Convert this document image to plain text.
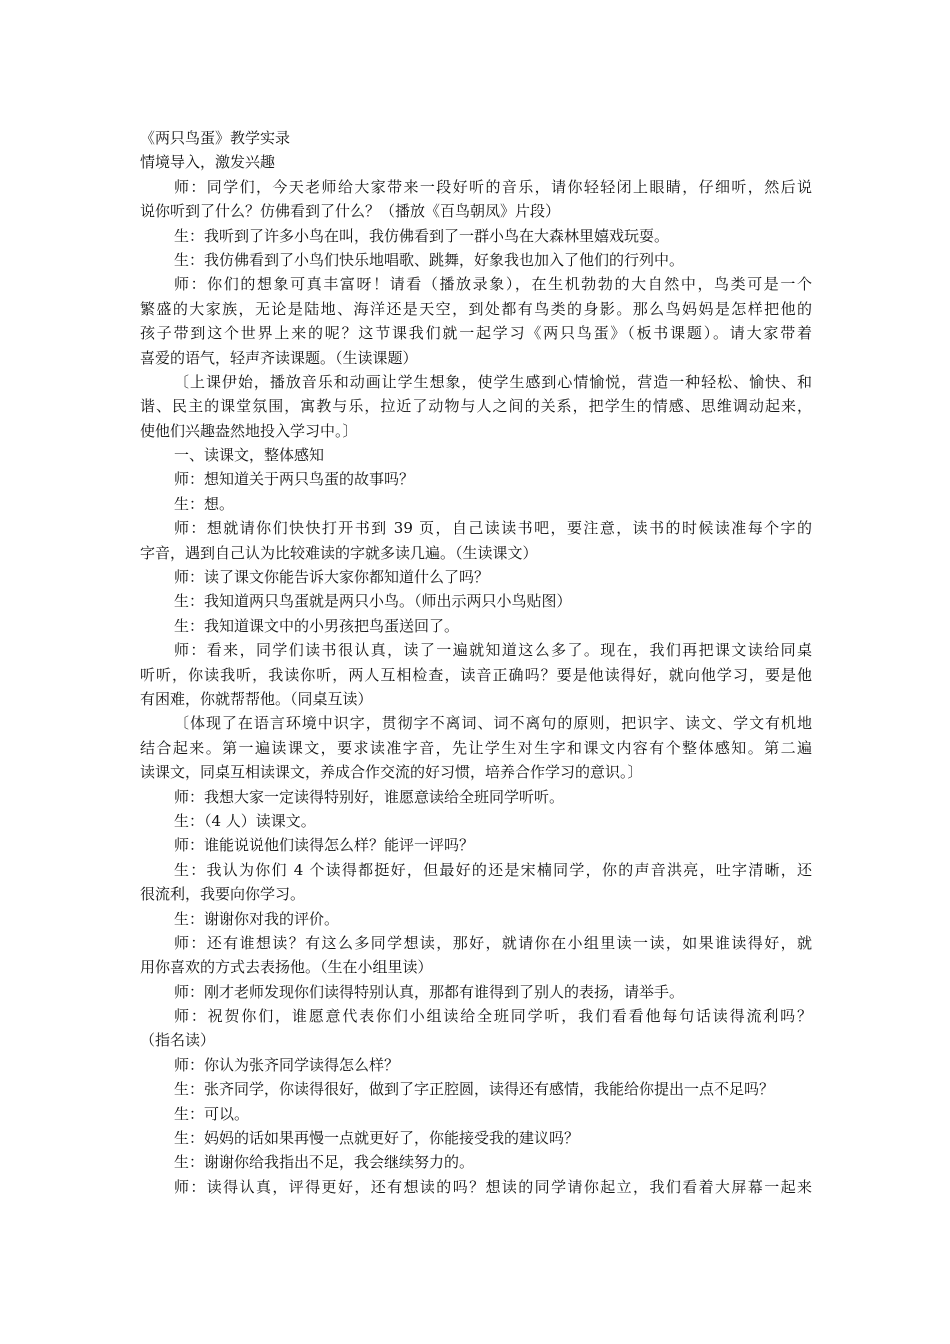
《两只鸟蛋》教学实录
情境导入，激发兴趣
师：同学们，今天老师给大家带来一段好听的音乐，请你轻轻闭上眼睛，仔细听，然后说
说你听到了什么？仿佛看到了什么？（播放《百鸟朝凤》片段）
生：我听到了许多小鸟在叫，我仿佛看到了一群小鸟在大森林里嬉戏玩耍。
生：我仿佛看到了小鸟们快乐地唱歌、跳舞，好象我也加入了他们的行列中。
师：你们的想象可真丰富呀！请看（播放录象），在生机勃勃的大自然中，鸟类可是一个
繁盛的大家族，无论是陆地、海洋还是天空，到处都有鸟类的身影。那么鸟妈妈是怎样把他的
孩子带到这个世界上来的呢？这节课我们就一起学习《两只鸟蛋》（板书课题）。请大家带着
喜爱的语气，轻声齐读课题。（生读课题）
〔上课伊始，播放音乐和动画让学生想象，使学生感到心情愉悦，营造一种轻松、愉快、和
谐、民主的课堂氛围，寓教与乐，拉近了动物与人之间的关系，把学生的情感、思维调动起来，
使他们兴趣盎然地投入学习中。〕
一、读课文，整体感知
师：想知道关于两只鸟蛋的故事吗？
生：想。
师：想就请你们快快打开书到 39 页，自己读读书吧，要注意，读书的时候读准每个字的
字音，遇到自己认为比较难读的字就多读几遍。（生读课文）
师：读了课文你能告诉大家你都知道什么了吗？
生：我知道两只鸟蛋就是两只小鸟。（师出示两只小鸟贴图）
生：我知道课文中的小男孩把鸟蛋送回了。
师：看来，同学们读书很认真，读了一遍就知道这么多了。现在，我们再把课文读给同桌
听听，你读我听，我读你听，两人互相检查，读音正确吗？要是他读得好，就向他学习，要是他
有困难，你就帮帮他。（同桌互读）
〔体现了在语言环境中识字，贯彻字不离词、词不离句的原则，把识字、读文、学文有机地
结合起来。第一遍读课文，要求读准字音，先让学生对生字和课文内容有个整体感知。第二遍
读课文，同桌互相读课文，养成合作交流的好习惯，培养合作学习的意识。〕
师：我想大家一定读得特别好，谁愿意读给全班同学听听。
生：（4 人）读课文。
师：谁能说说他们读得怎么样？能评一评吗？
生：我认为你们 4 个读得都挺好，但最好的还是宋楠同学，你的声音洪亮，吐字清晰，还
很流利，我要向你学习。
生：谢谢你对我的评价。
师：还有谁想读？有这么多同学想读，那好，就请你在小组里读一读，如果谁读得好，就
用你喜欢的方式去表扬他。（生在小组里读）
师：刚才老师发现你们读得特别认真，那都有谁得到了别人的表扬，请举手。
师：祝贺你们，谁愿意代表你们小组读给全班同学听，我们看看他每句话读得流利吗？
（指名读）
师：你认为张齐同学读得怎么样？
生：张齐同学，你读得很好，做到了字正腔圆，读得还有感情，我能给你提出一点不足吗？
生：可以。
生：妈妈的话如果再慢一点就更好了，你能接受我的建议吗？
生：谢谢你给我指出不足，我会继续努力的。
师：读得认真，评得更好，还有想读的吗？想读的同学请你起立，我们看着大屏幕一起来
